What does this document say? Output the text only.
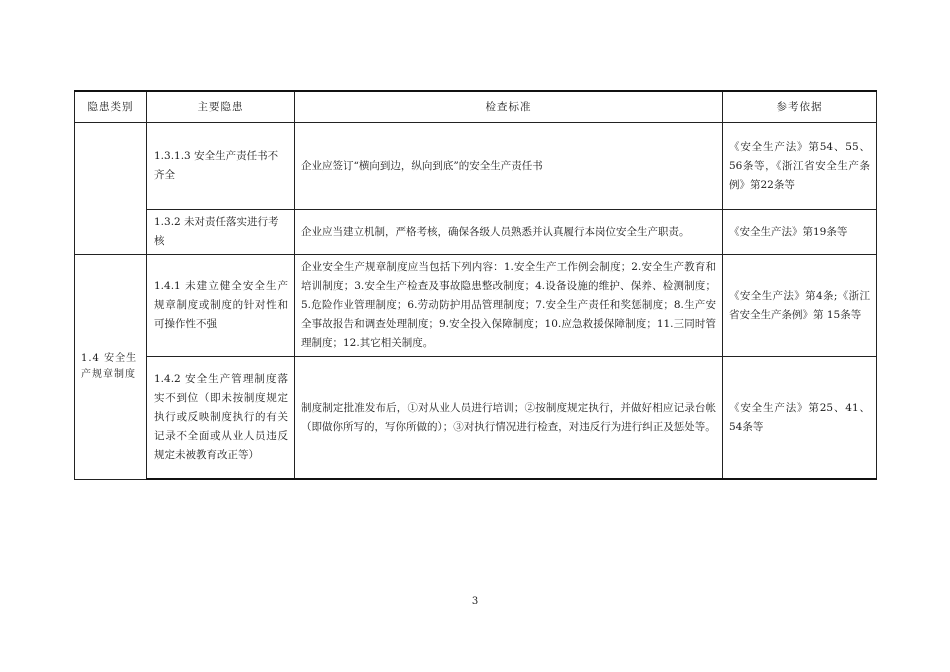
隐患类别	主要隐患	检查标准	参考依据
	1.3.1.3 安全生产责任书不齐全	企业应签订“横向到边，纵向到底”的安全生产责任书	《安全生产法》第54、55、56条等，《浙江省安全生产条例》第22条等
	1.3.2 未对责任落实进行考核	企业应当建立机制，严格考核，确保各级人员熟悉并认真履行本岗位安全生产职责。	《安全生产法》第19条等
1.4 安全生产规章制度	1.4.1 未建立健全安全生产规章制度或制度的针对性和可操作性不强	企业安全生产规章制度应当包括下列内容：1.安全生产工作例会制度；2.安全生产教育和培训制度；3.安全生产检查及事故隐患整改制度；4.设备设施的维护、保养、检测制度；5.危险作业管理制度；6.劳动防护用品管理制度；7.安全生产责任和奖惩制度；8.生产安全事故报告和调查处理制度；9.安全投入保障制度；10.应急救援保障制度；11.三同时管理制度；12.其它相关制度。	《安全生产法》第4条;《浙江省安全生产条例》第 15条等
	1.4.2 安全生产管理制度落实不到位（即未按制度规定执行或反映制度执行的有关记录不全面或从业人员违反规定未被教育改正等）	制度制定批准发布后，①对从业人员进行培训；②按制度规定执行，并做好相应记录台帐（即做你所写的，写你所做的）；③对执行情况进行检查，对违反行为进行纠正及惩处等。	《安全生产法》第25、41、54条等
3
